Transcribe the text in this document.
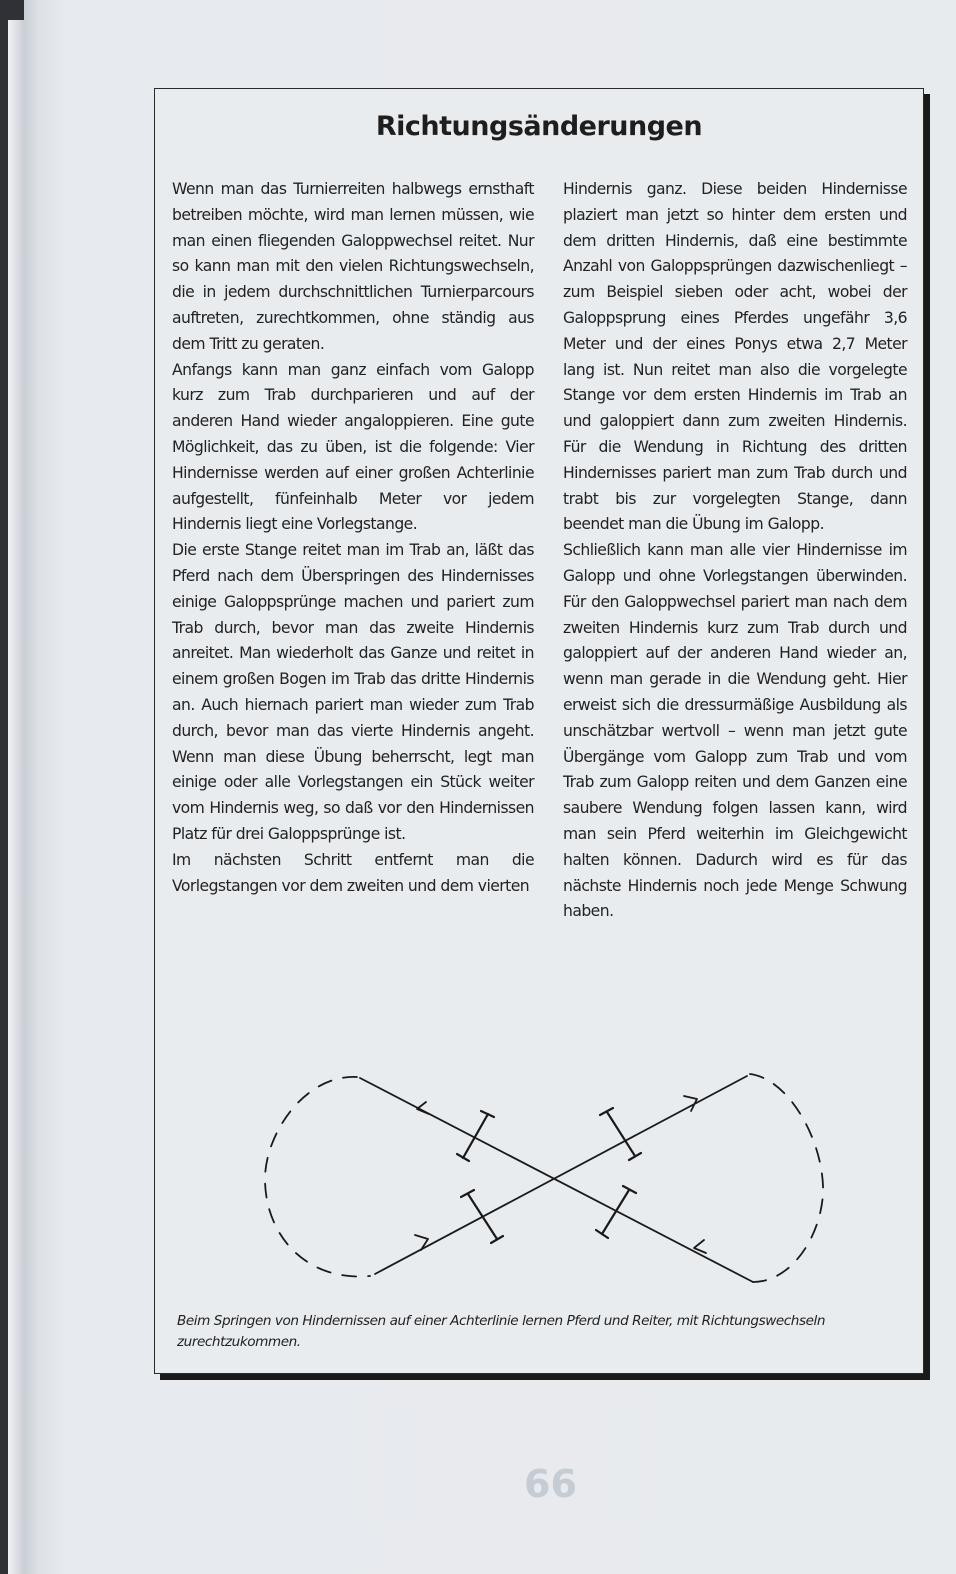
Richtungsänderungen

Wenn man das Turnierreiten halbwegs ernsthaft betreiben möchte, wird man lernen müssen, wie man einen fliegenden Galoppwechsel reitet. Nur so kann man mit den vielen Richtungswechseln, die in jedem durchschnittlichen Turnierparcours auftreten, zurechtkommen, ohne ständig aus dem Tritt zu geraten.

Anfangs kann man ganz einfach vom Galopp kurz zum Trab durchparieren und auf der anderen Hand wieder angaloppieren. Eine gute Möglichkeit, das zu üben, ist die folgende: Vier Hindernisse werden auf einer großen Achterlinie aufgestellt, fünfeinhalb Meter vor jedem Hindernis liegt eine Vorlegstange.

Die erste Stange reitet man im Trab an, läßt das Pferd nach dem Überspringen des Hindernisses einige Galoppsprünge machen und pariert zum Trab durch, bevor man das zweite Hindernis anreitet. Man wiederholt das Ganze und reitet in einem großen Bogen im Trab das dritte Hindernis an. Auch hiernach pariert man wieder zum Trab durch, bevor man das vierte Hindernis angeht. Wenn man diese Übung beherrscht, legt man einige oder alle Vorlegstangen ein Stück weiter vom Hindernis weg, so daß vor den Hindernissen Platz für drei Galoppsprünge ist.

Im nächsten Schritt entfernt man die Vorlegstangen vor dem zweiten und dem vierten

Hindernis ganz. Diese beiden Hindernisse plaziert man jetzt so hinter dem ersten und dem dritten Hindernis, daß eine bestimmte Anzahl von Galoppsprüngen dazwischenliegt – zum Beispiel sieben oder acht, wobei der Galoppsprung eines Pferdes ungefähr 3,6 Meter und der eines Ponys etwa 2,7 Meter lang ist. Nun reitet man also die vorgelegte Stange vor dem ersten Hindernis im Trab an und galoppiert dann zum zweiten Hindernis. Für die Wendung in Richtung des dritten Hindernisses pariert man zum Trab durch und trabt bis zur vorgelegten Stange, dann beendet man die Übung im Galopp.

Schließlich kann man alle vier Hindernisse im Galopp und ohne Vorlegstangen überwinden. Für den Galoppwechsel pariert man nach dem zweiten Hindernis kurz zum Trab durch und galoppiert auf der anderen Hand wieder an, wenn man gerade in die Wendung geht. Hier erweist sich die dressurmäßige Ausbildung als unschätzbar wertvoll – wenn man jetzt gute Übergänge vom Galopp zum Trab und vom Trab zum Galopp reiten und dem Ganzen eine saubere Wendung folgen lassen kann, wird man sein Pferd weiterhin im Gleichgewicht halten können. Dadurch wird es für das nächste Hindernis noch jede Menge Schwung haben.

Beim Springen von Hindernissen auf einer Achterlinie lernen Pferd und Reiter, mit Richtungswechseln zurechtzukommen.

66
